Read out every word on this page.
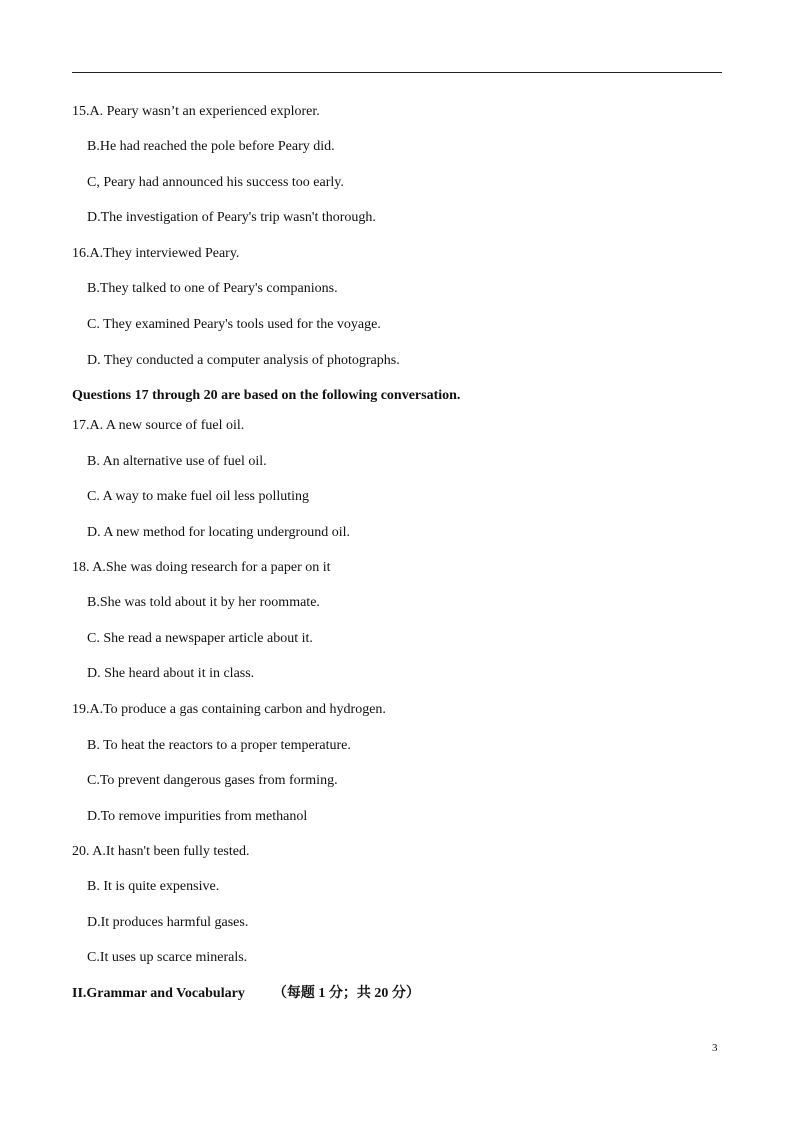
15.A. Peary wasn’t an experienced explorer.
B.He had reached the pole before Peary did.
C, Peary had announced his success too early.
D.The investigation of Peary's trip wasn't thorough.
16.A.They interviewed Peary.
B.They talked to one of Peary's companions.
C. They examined Peary's tools used for the voyage.
D. They conducted a computer analysis of photographs.
Questions 17 through 20 are based on the following conversation.
17.A. A new source of fuel oil.
B. An alternative use of fuel oil.
C. A way to make fuel oil less polluting
D. A new method for locating underground oil.
18. A.She was doing research for a paper on it
B.She was told about it by her roommate.
C. She read a newspaper article about it.
D. She heard about it in class.
19.A.To produce a gas containing carbon and hydrogen.
B. To heat the reactors to a proper temperature.
C.To prevent dangerous gases from forming.
D.To remove impurities from methanol
20. A.It hasn't been fully tested.
B. It is quite expensive.
D.It produces harmful gases.
C.It uses up scarce minerals.
II.Grammar and Vocabulary （每题 1 分；共 20 分）
3
